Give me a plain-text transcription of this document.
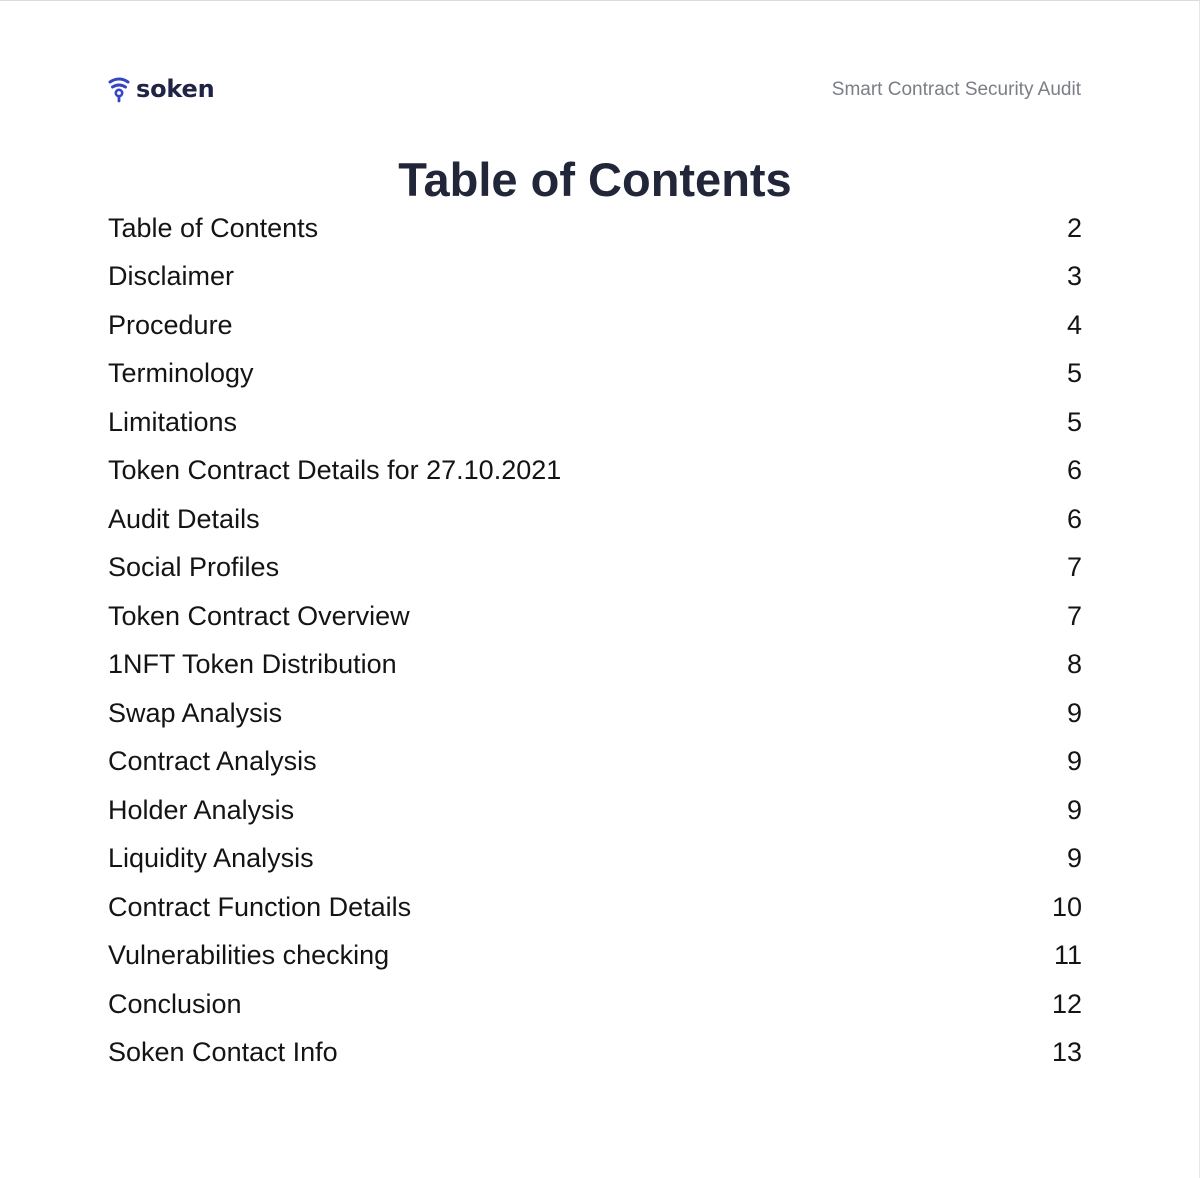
soken	Smart Contract Security Audit
Table of Contents
Table of Contents	2
Disclaimer	3
Procedure	4
Terminology	5
Limitations	5
Token Contract Details for 27.10.2021	6
Audit Details	6
Social Profiles	7
Token Contract Overview	7
1NFT Token Distribution	8
Swap Analysis	9
Contract Analysis	9
Holder Analysis	9
Liquidity Analysis	9
Contract Function Details	10
Vulnerabilities checking	11
Conclusion	12
Soken Contact Info	13
